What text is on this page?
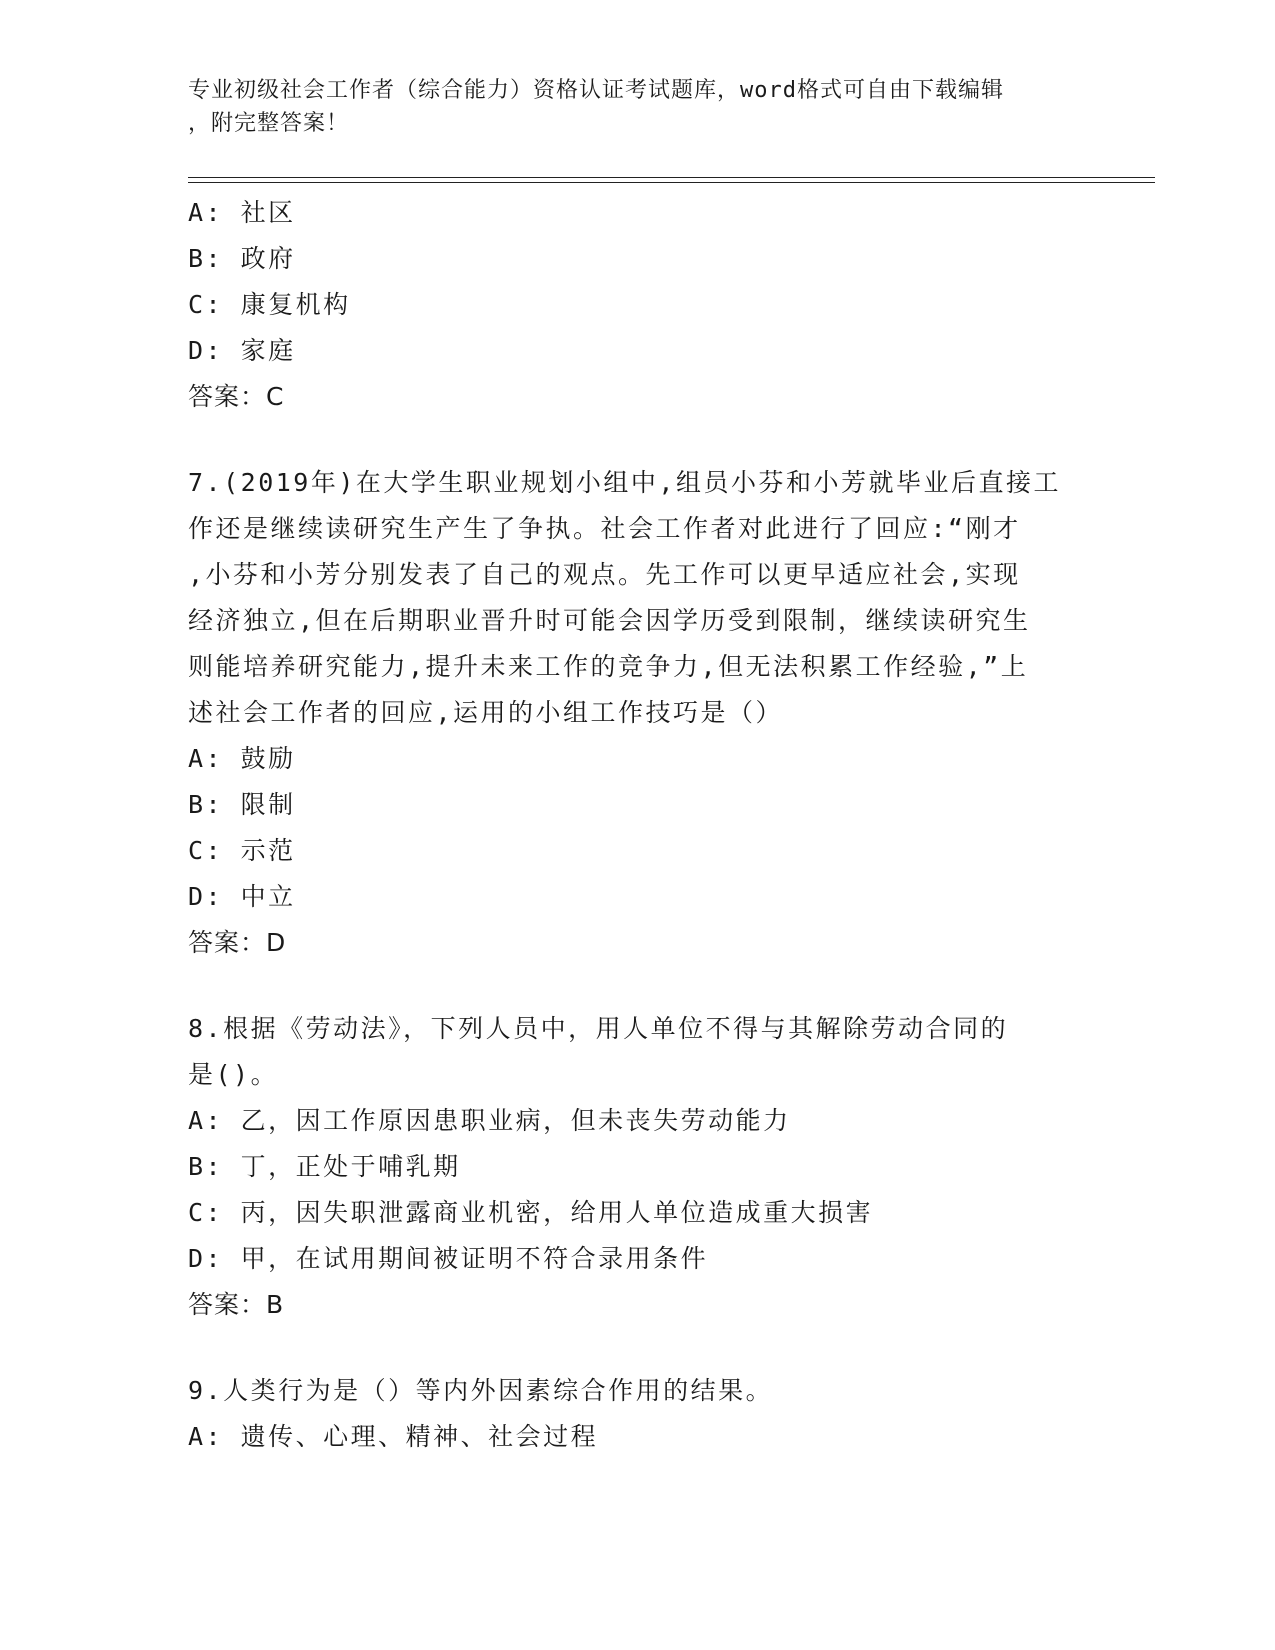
专业初级社会工作者（综合能力）资格认证考试题库，word格式可自由下载编辑
，附完整答案！
A: 社区
B: 政府
C: 康复机构
D: 家庭
答案：C
7.(2019年)在大学生职业规划小组中,组员小芬和小芳就毕业后直接工
作还是继续读研究生产生了争执。社会工作者对此进行了回应:“刚才
,小芬和小芳分别发表了自己的观点。先工作可以更早适应社会,实现
经济独立,但在后期职业晋升时可能会因学历受到限制，继续读研究生
则能培养研究能力,提升未来工作的竞争力,但无法积累工作经验,”上
述社会工作者的回应,运用的小组工作技巧是（）
A: 鼓励
B: 限制
C: 示范
D: 中立
答案：D
8.根据《劳动法》，下列人员中，用人单位不得与其解除劳动合同的
是()。
A: 乙，因工作原因患职业病，但未丧失劳动能力
B: 丁，正处于哺乳期
C: 丙，因失职泄露商业机密，给用人单位造成重大损害
D: 甲，在试用期间被证明不符合录用条件
答案：B
9.人类行为是（）等内外因素综合作用的结果。
A: 遗传、心理、精神、社会过程
